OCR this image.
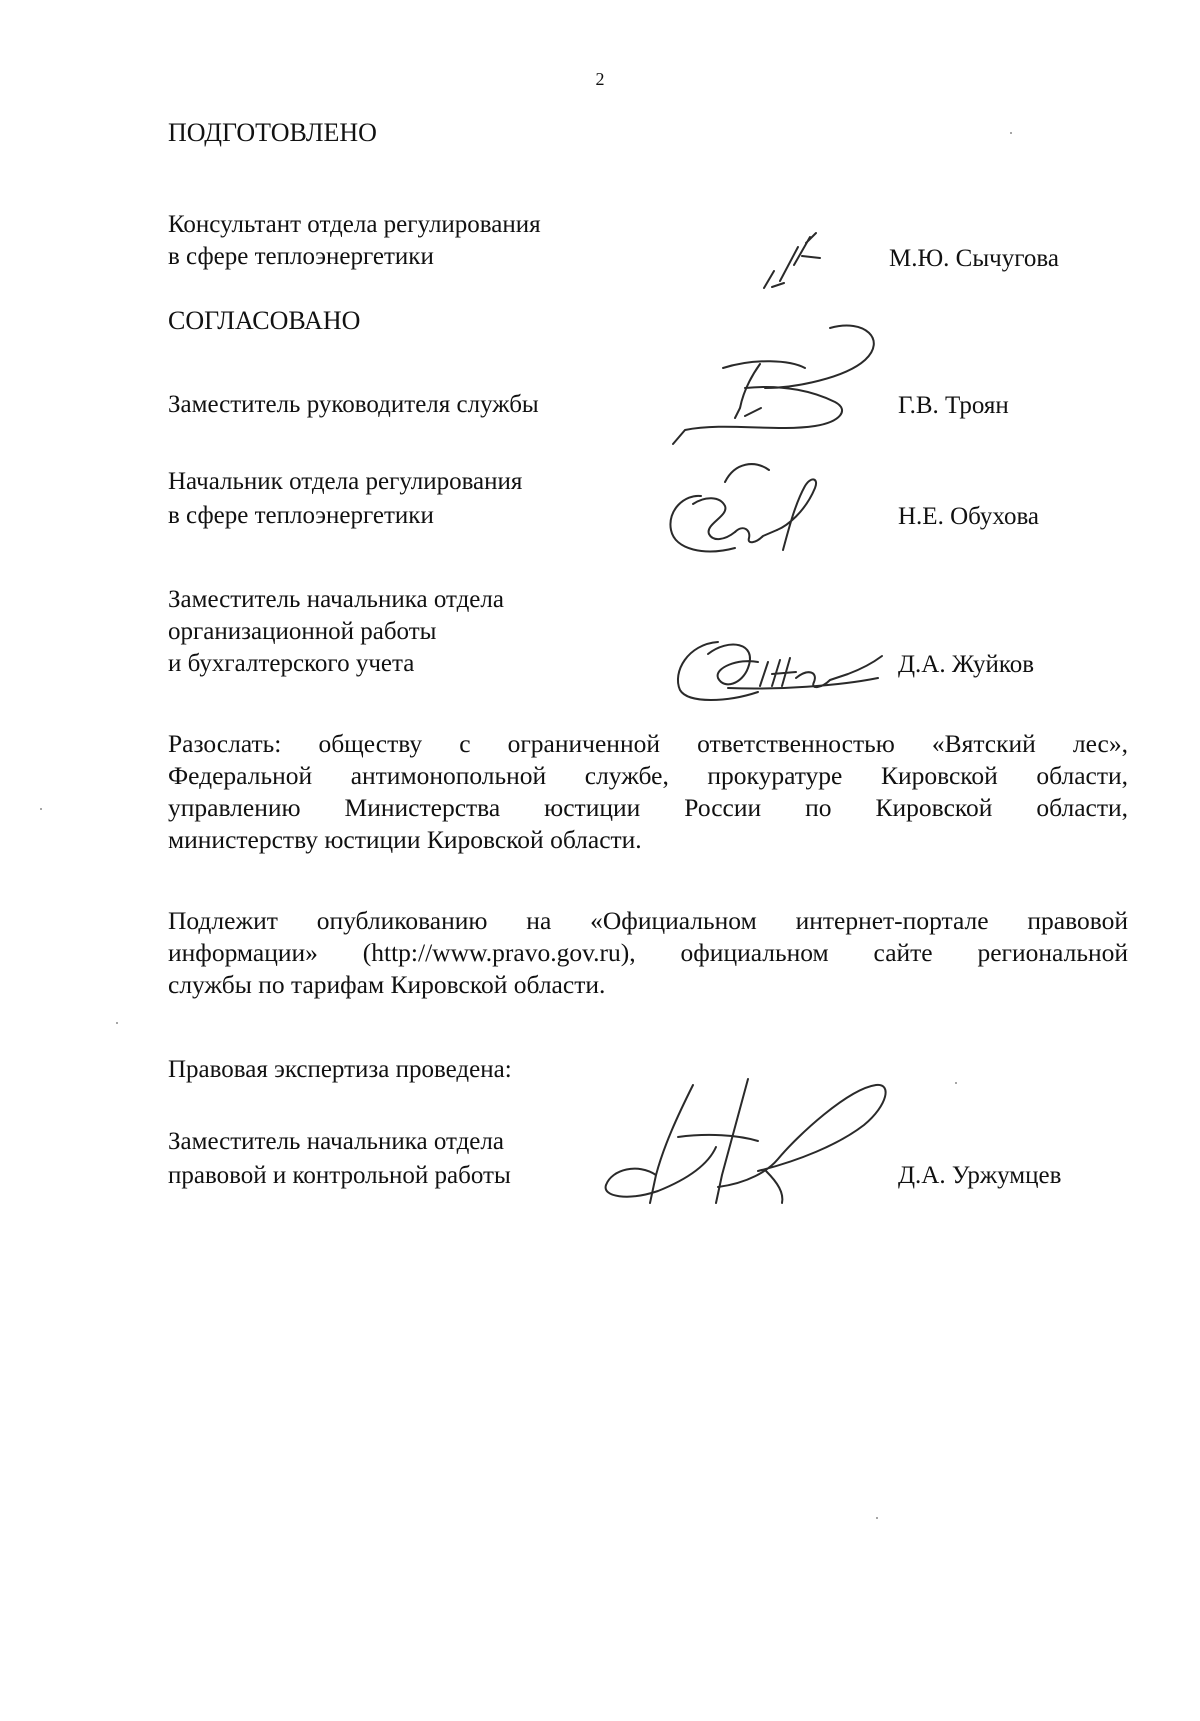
2
ПОДГОТОВЛЕНО
Консультант отдела регулирования
в сфере теплоэнергетики	М.Ю. Сычугова
СОГЛАСОВАНО
Заместитель руководителя службы	Г.В. Троян
Начальник отдела регулирования
в сфере теплоэнергетики	Н.Е. Обухова
Заместитель начальника отдела
организационной работы
и бухгалтерского учета	Д.А. Жуйков
Разослать: обществу с ограниченной ответственностью «Вятский лес»,
Федеральной антимонопольной службе, прокуратуре Кировской области,
управлению Министерства юстиции России по Кировской области,
министерству юстиции Кировской области.
Подлежит опубликованию на «Официальном интернет-портале правовой
информации» (http://www.pravo.gov.ru), официальном сайте региональной
службы по тарифам Кировской области.
Правовая экспертиза проведена:
Заместитель начальника отдела
правовой и контрольной работы	Д.А. Уржумцев
